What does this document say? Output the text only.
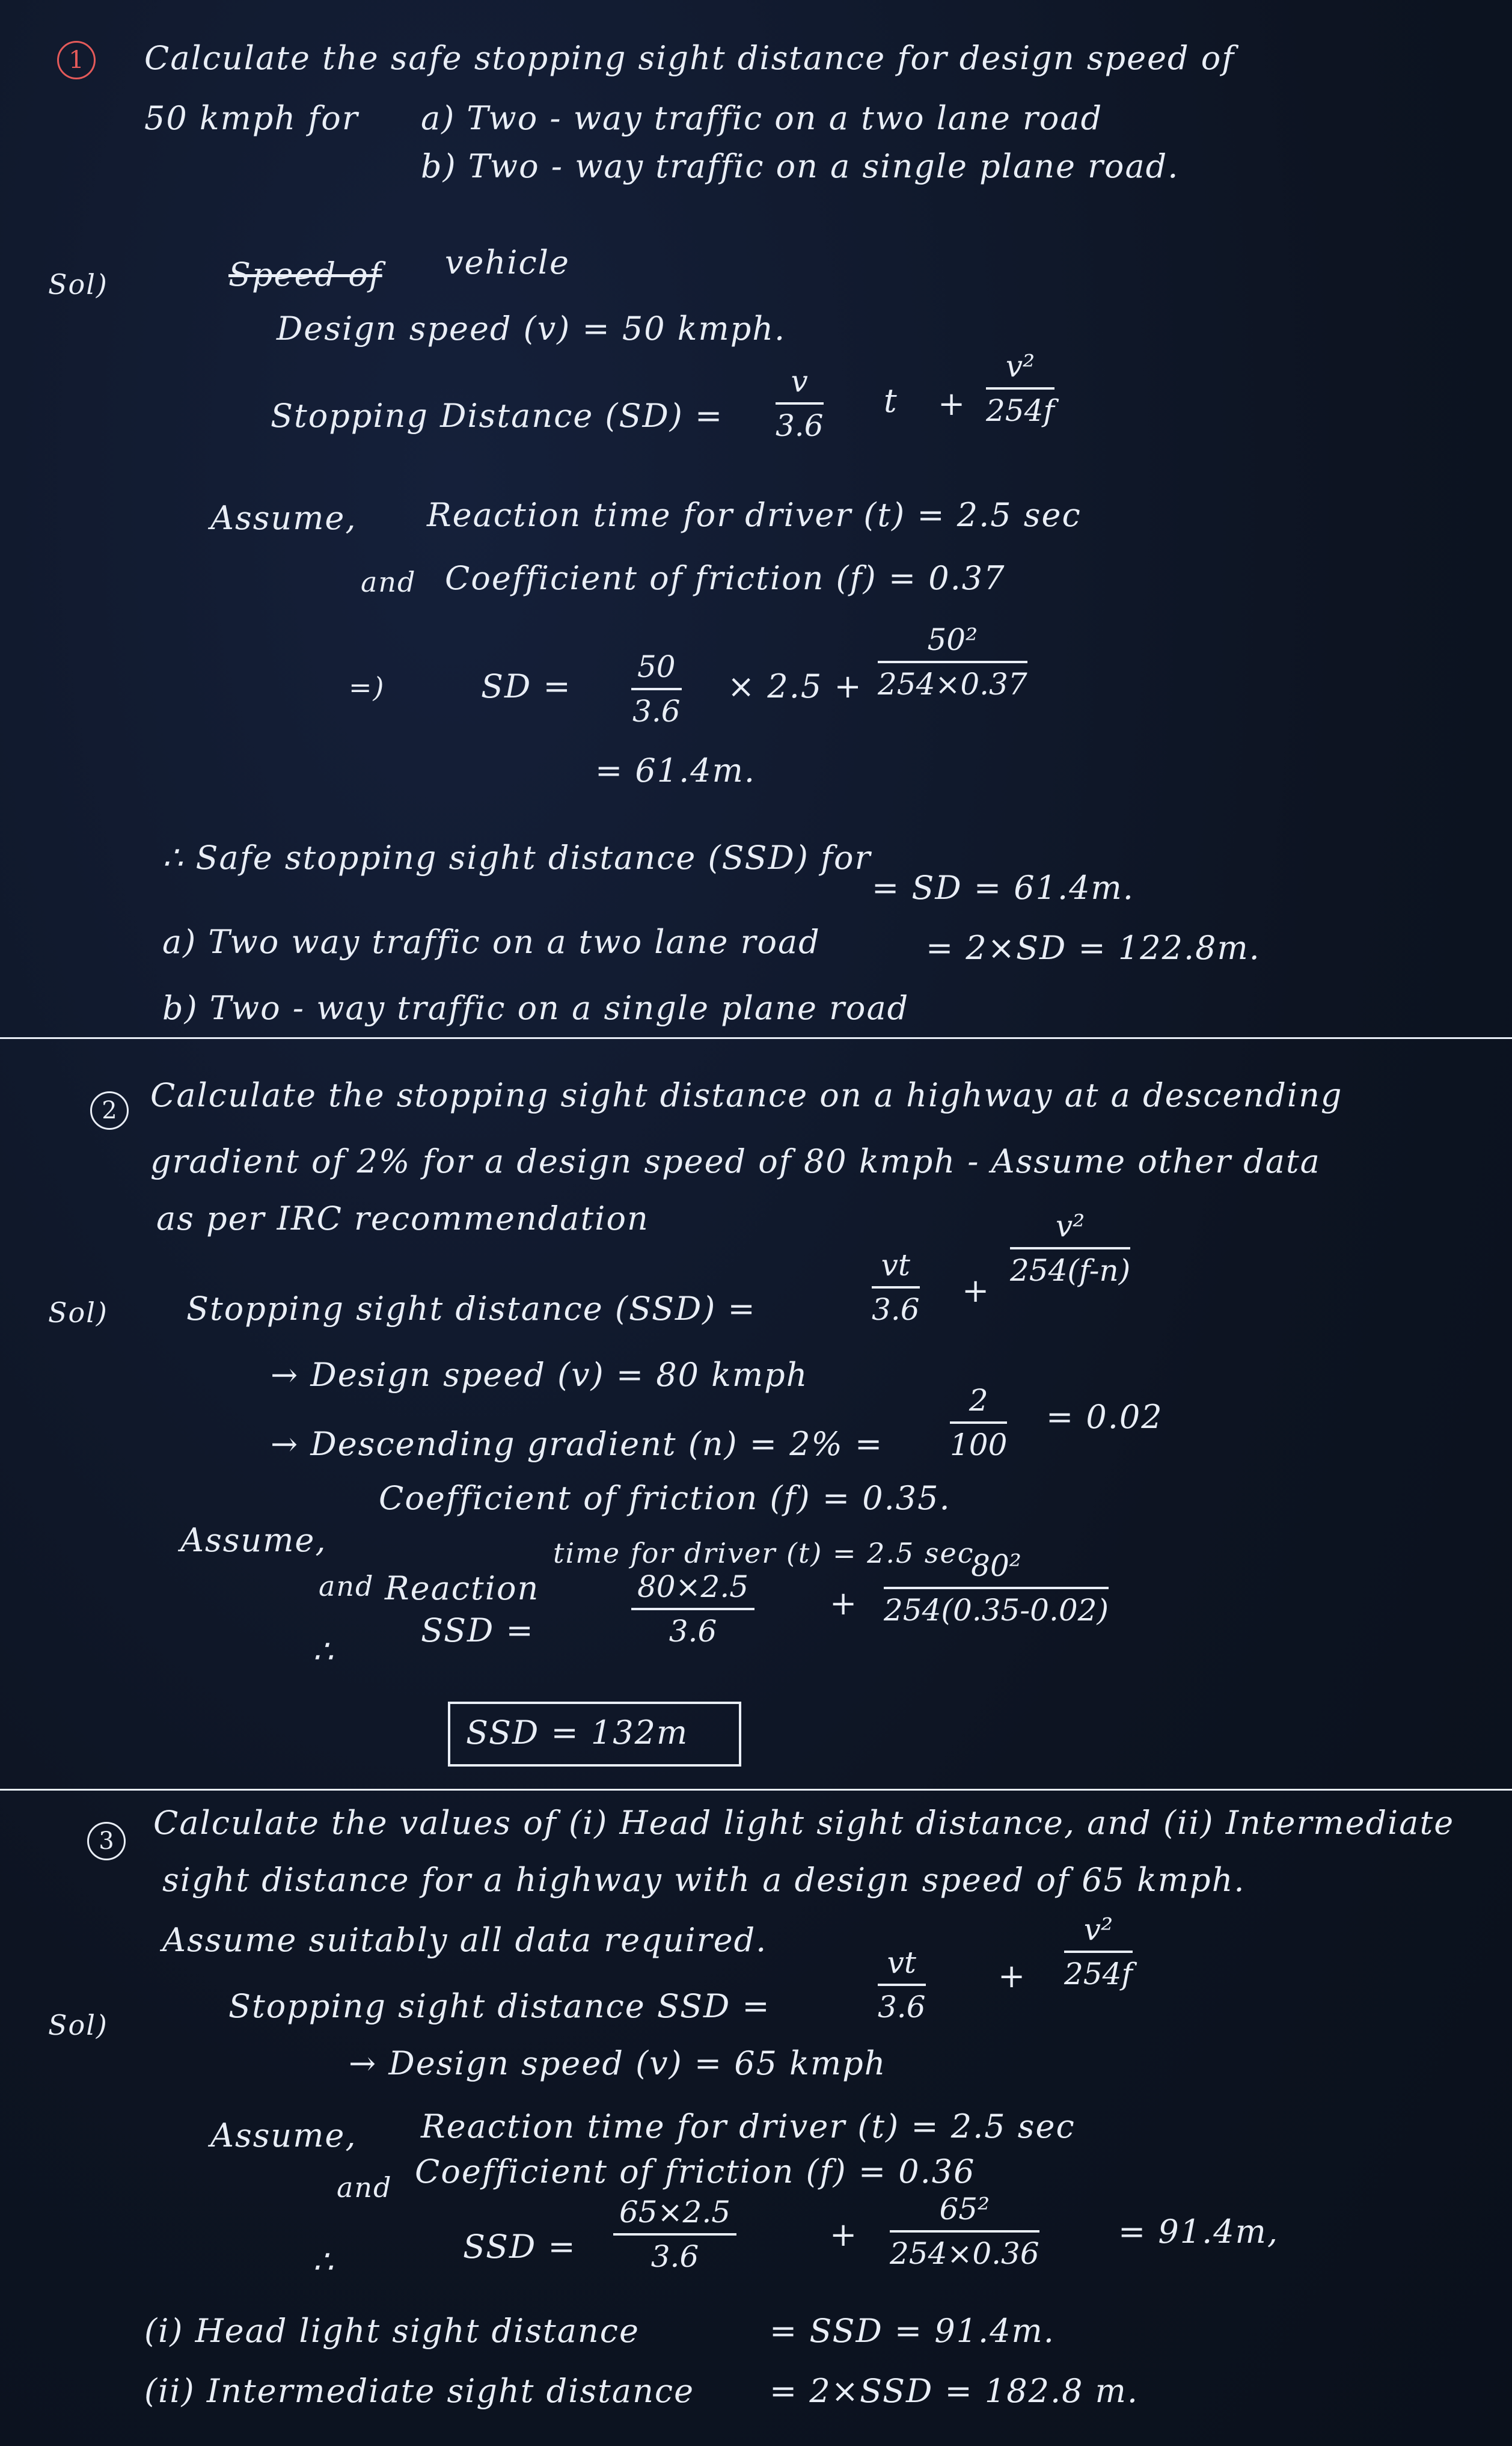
1	Calculate the safe stopping sight distance for design speed of
50 kmph for a) Two - way traffic on a two lane road
b) Two - way traffic on a single plane road.
Sol)	Speed of vehicle
Design speed (v) = 50 kmph.
Stopping Distance $(SD) = \frac{v}{3.6}$ $t + \frac{\text{v²}}{254f}$
Assume, Reaction time for driver (t) = 2.5 sec
and Coefficient of friction (f) = 0.37
=)	SD = $\frac{50}{3.6} \times 2.5 + \frac{\text{50²}}{254\times 0.37}$
= 61.4m.
∴ Safe stopping sight distance (SSD) for
a) Two way traffic on a two lane road
= SD = 61.4m.
b) Two - way traffic on a single plane road
= 2×SD = 122.8m.
2	Calculate the stopping sight distance on a highway at a descending
gradient of 2% for a design speed of 80 kmph - Assume other data
as per IRC recommendation
Sol) Stopping sight distance (SSD) =	$\frac{vt}{3.6}$ +
$\frac{\text{v²}}{254(f-n)}$
→ Design speed (v) = 80 kmph
→ Descending gradient $(n) = 2\% = \frac{2}{100} = 0.02$
Assume,
Coefficient of friction (f) = 0.35.
and Reaction
time for driver (t) = 2.5 sec
∴
SSD =	$\frac{80\times 2.5}{3.6} + \frac{\text{80²}}{254(0.35-0.02)}$
SSD = 132m
3	Calculate the values of (i) Head light sight distance, and (ii) Intermediate
sight distance for a highway with a design speed of 65 kmph.
Assume suitably all data required.
Sol)	Stopping sight distance SSD =	$\frac{vt}{3.6} + \frac{\text{v²}}{254f}$
→ Design speed (v) = 65 kmph
Assume, Reaction time for driver (t) = 2.5 sec
and Coefficient of friction (f) = 0.36
∴	SSD = $\frac{65\times 2.5}{3.6}$	+ $\frac{\text{65²}}{254\times 0.36} = 91.4m$,
(i) Head light sight distance	= SSD = 91.4m.
(ii) Intermediate sight distance = 2×SSD = 182.8 m.
